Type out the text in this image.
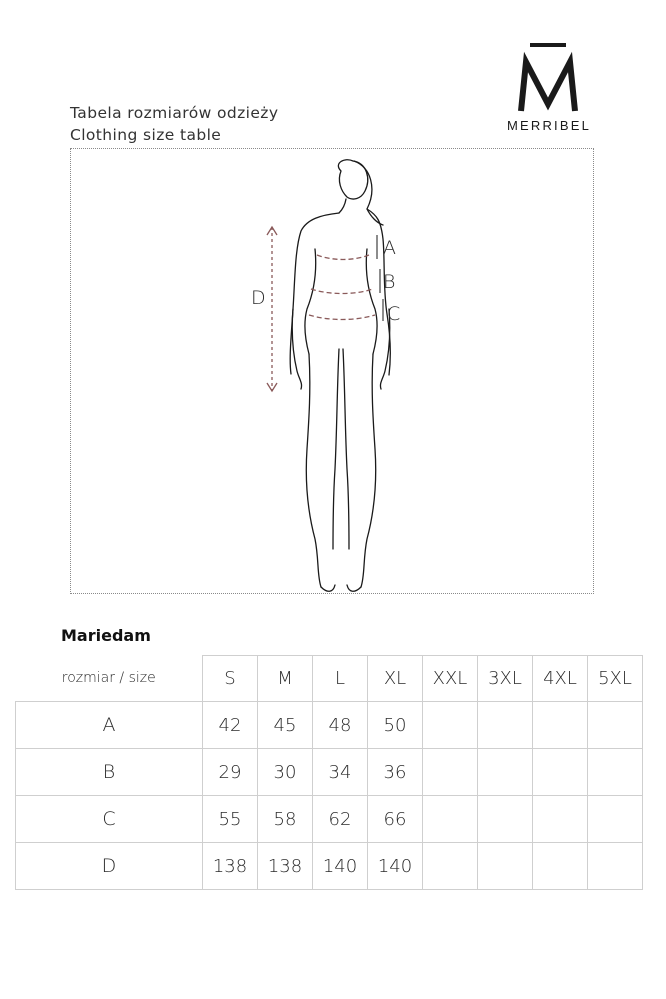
MERRIBEL
Tabela rozmiarów odzieży
Clothing size table
A
B
C
D
Mariedam
rozmiar / size	S	M	L	XL	XXL	3XL	4XL	5XL
A	42	45	48	50				
B	29	30	34	36				
C	55	58	62	66				
D	138	138	140	140				
